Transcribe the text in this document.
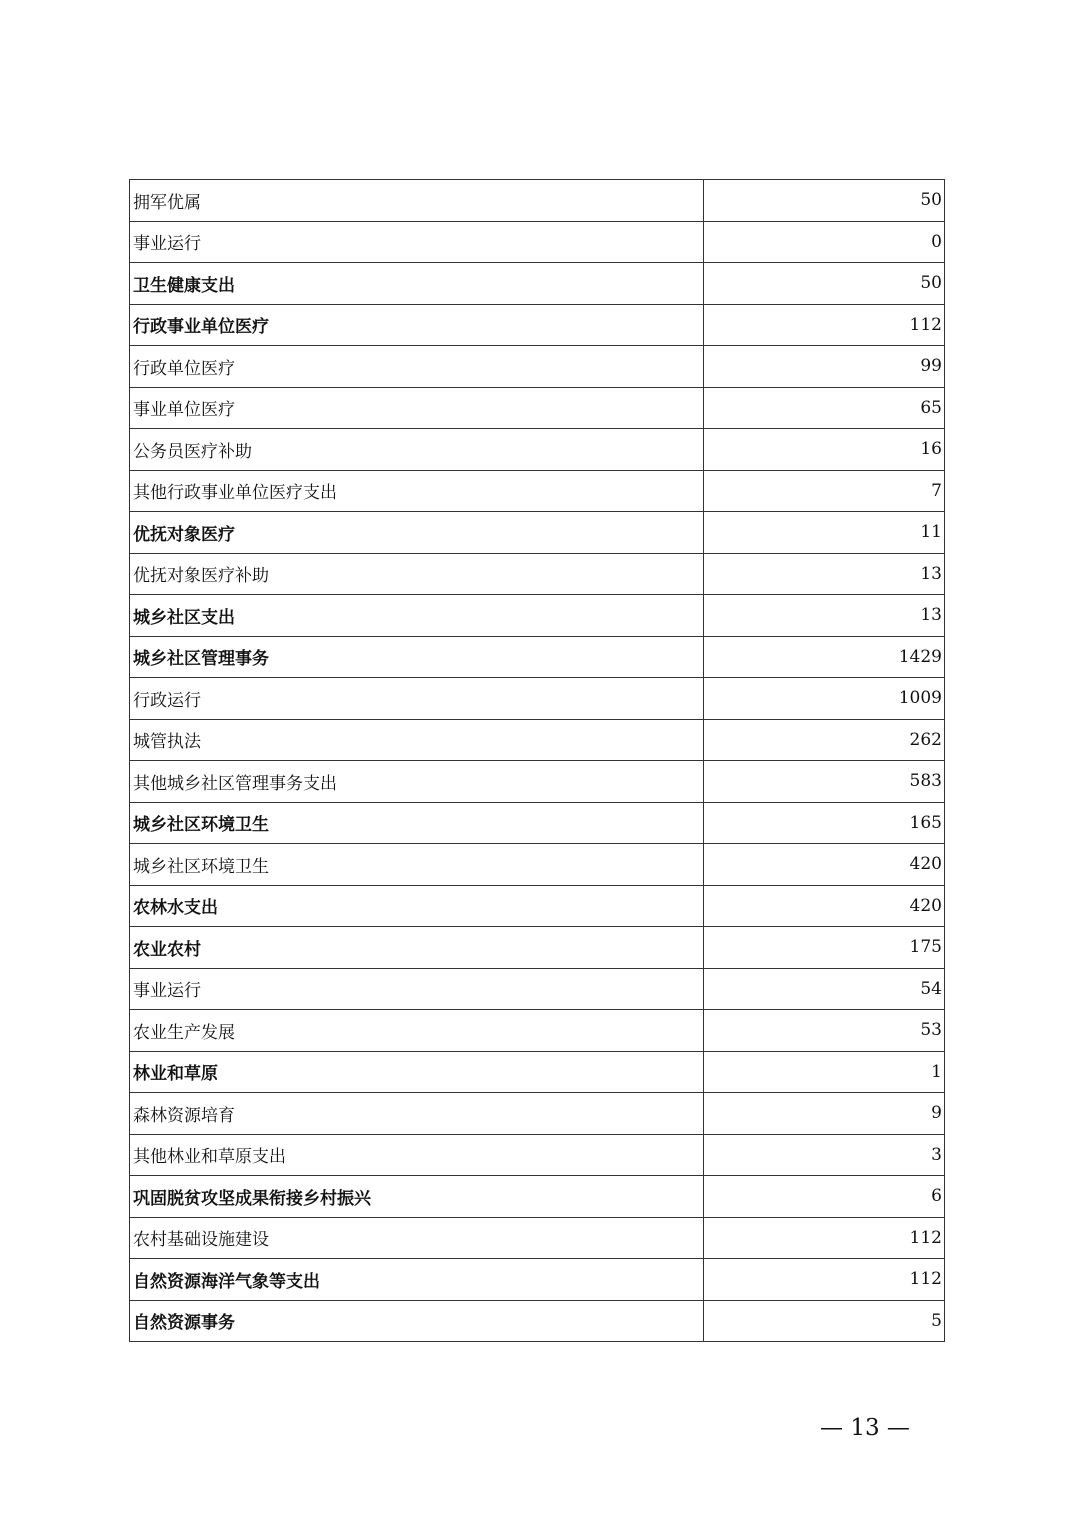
拥军优属	50
事业运行	0
卫生健康支出	50
行政事业单位医疗	112
行政单位医疗	99
事业单位医疗	65
公务员医疗补助	16
其他行政事业单位医疗支出	7
优抚对象医疗	11
优抚对象医疗补助	13
城乡社区支出	13
城乡社区管理事务	1429
行政运行	1009
城管执法	262
其他城乡社区管理事务支出	583
城乡社区环境卫生	165
城乡社区环境卫生	420
农林水支出	420
农业农村	175
事业运行	54
农业生产发展	53
林业和草原	1
森林资源培育	9
其他林业和草原支出	3
巩固脱贫攻坚成果衔接乡村振兴	6
农村基础设施建设	112
自然资源海洋气象等支出	112
自然资源事务	5
— 13 —
